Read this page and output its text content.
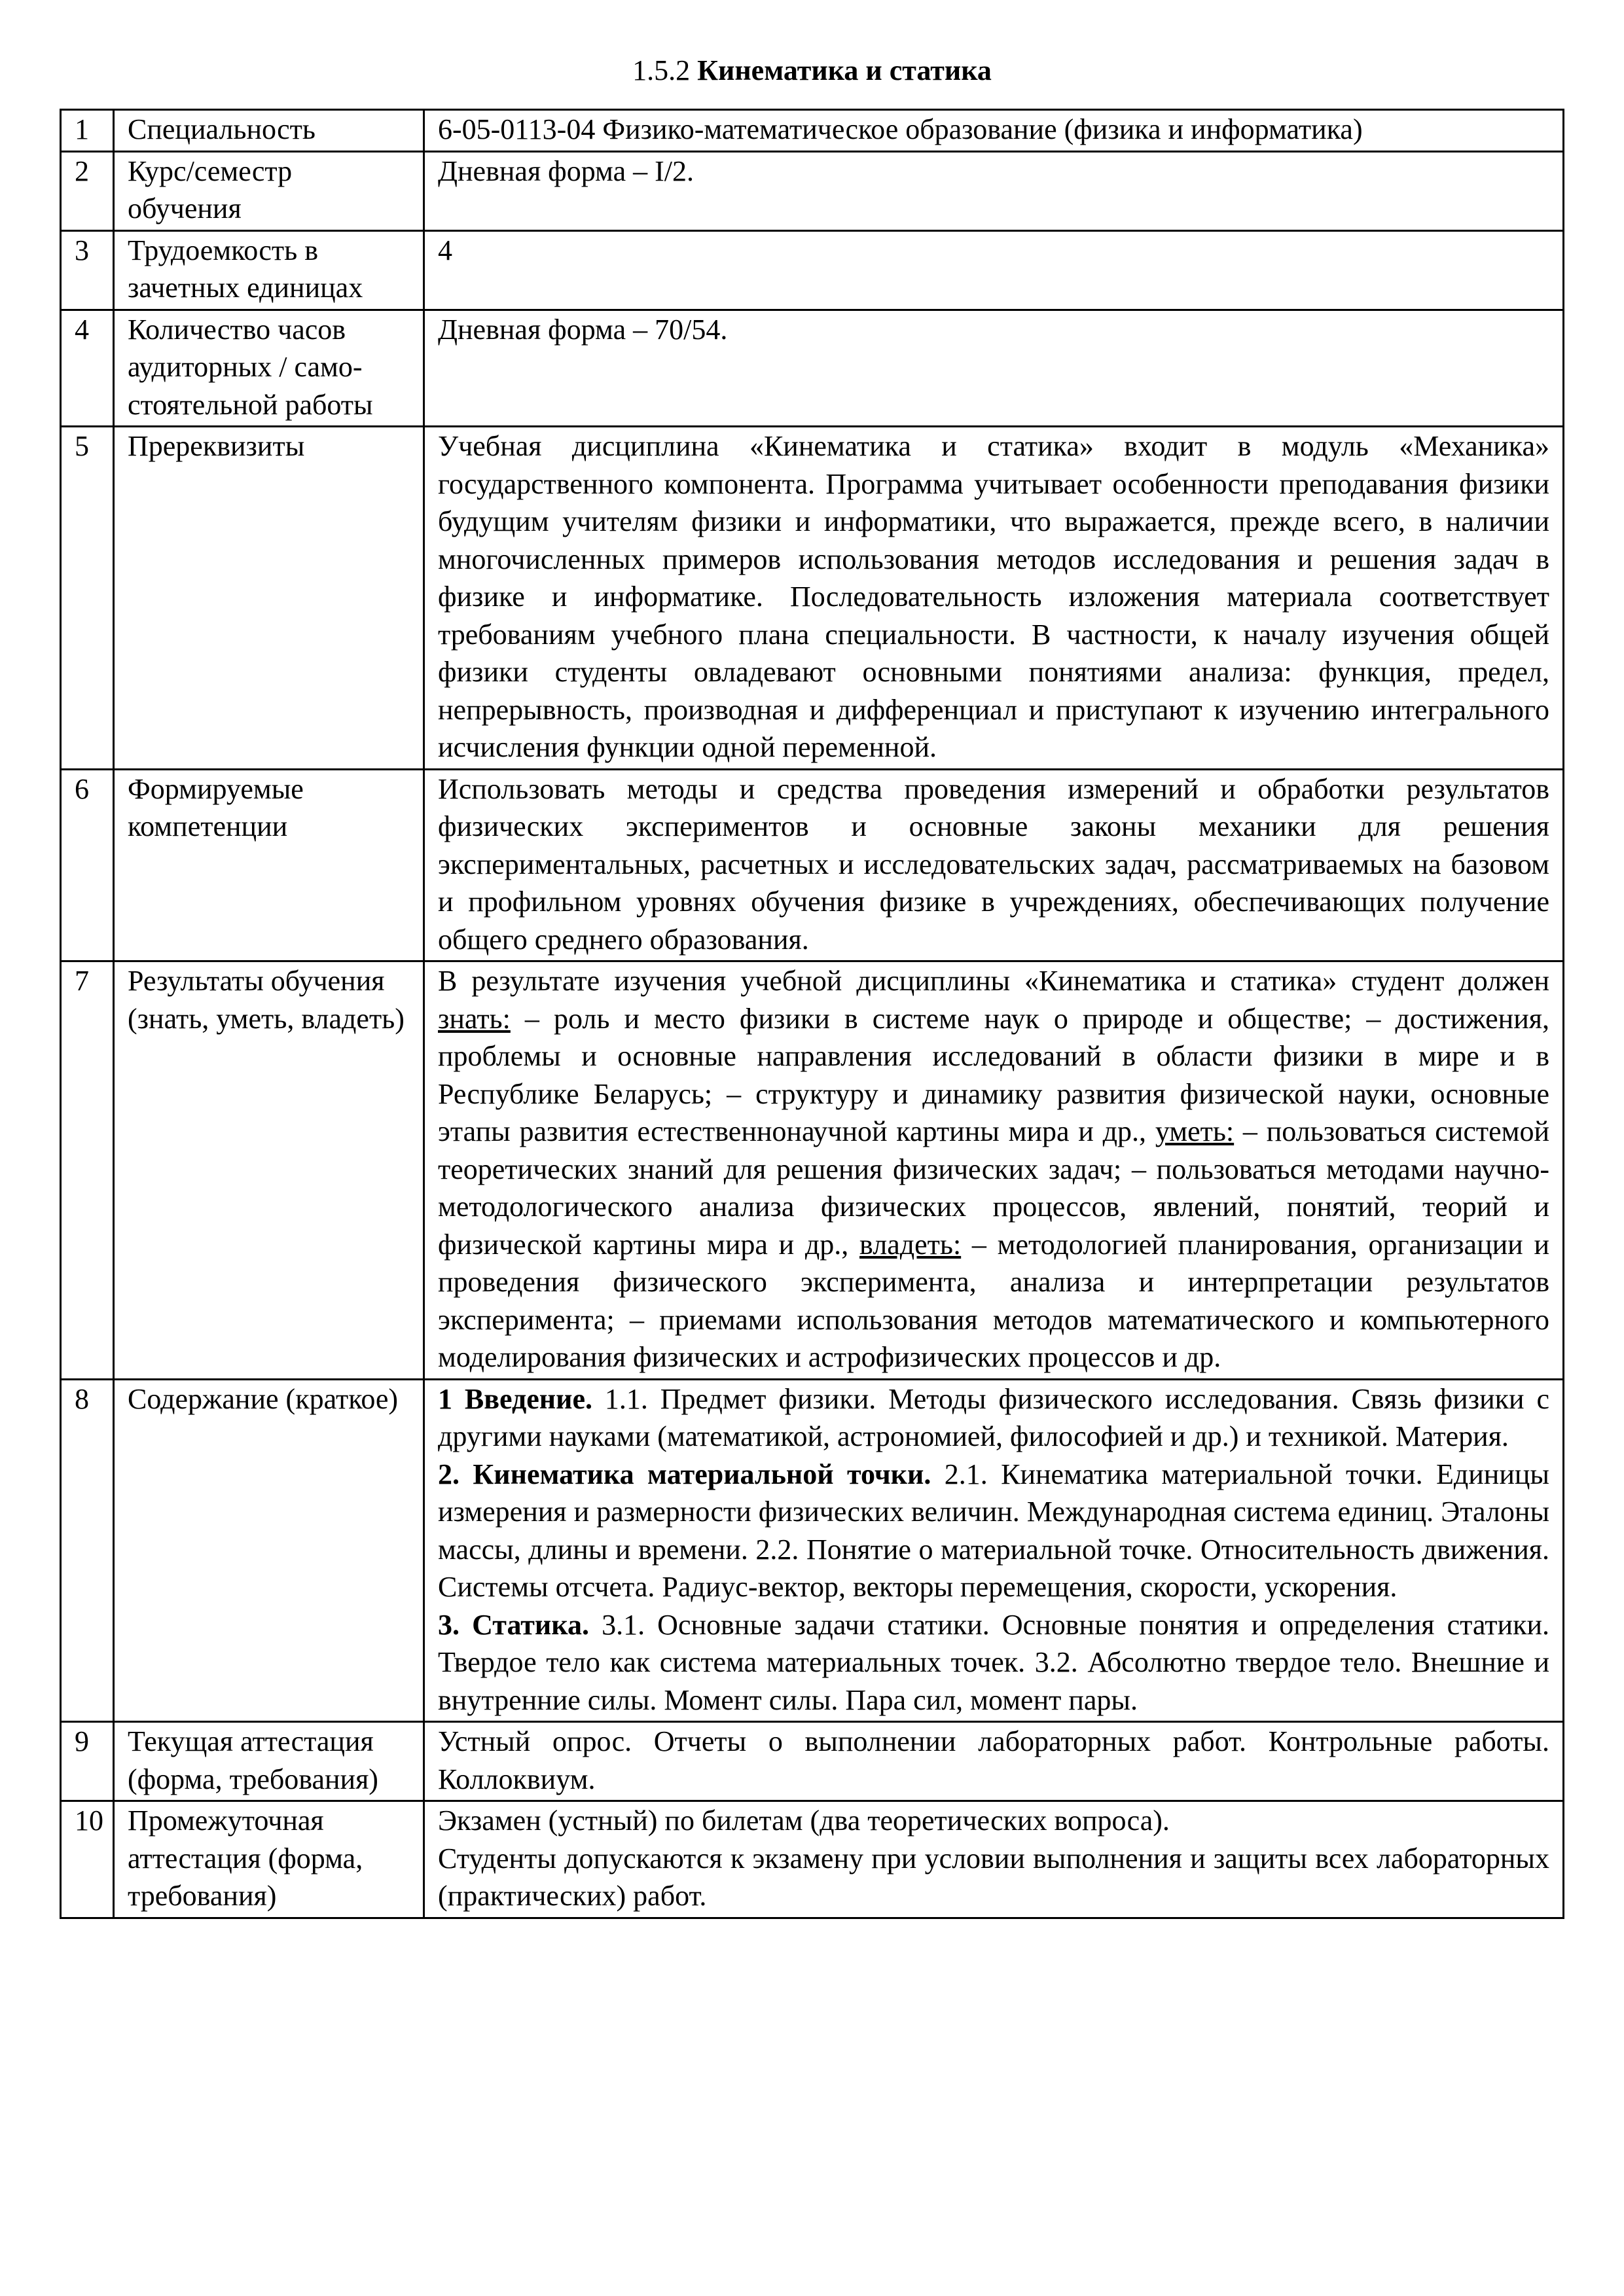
1.5.2 Кинематика и статика
1	Специальность	6-05-0113-04 Физико-математическое образование (физика и информатика)
2	Курс/семестр обучения	Дневная форма – I/2.
3	Трудоемкость в зачетных единицах	4
4	Количество часов аудиторных / само-стоятельной работы	Дневная форма – 70/54.
5	Пререквизиты	Учебная дисциплина «Кинематика и статика» входит в модуль «Механика» государственного компонента. Программа учитывает особенности преподавания физики будущим учителям физики и информатики, что выражается, прежде всего, в наличии многочисленных примеров использования методов исследования и решения задач в физике и информатике. Последовательность изложения материала соответствует требованиям учебного плана специальности. В частности, к началу изучения общей физики студенты овладевают основными понятиями анализа: функция, предел, непрерывность, производная и дифференциал и приступают к изучению интегрального исчисления функции одной переменной.
6	Формируемые компетенции	Использовать методы и средства проведения измерений и обработки результатов физических экспериментов и основные законы механики для решения экспериментальных, расчетных и исследовательских задач, рассматриваемых на базовом и профильном уровнях обучения физике в учреждениях, обеспечивающих получение общего среднего образования.
7	Результаты обучения (знать, уметь, владеть)	В результате изучения учебной дисциплины «Кинематика и статика» студент должен знать: – роль и место физики в системе наук о природе и обществе; – достижения, проблемы и основные направления исследований в области физики в мире и в Республике Беларусь; – структуру и динамику развития физической науки, основные этапы развития естественнонаучной картины мира и др., уметь: – пользоваться системой теоретических знаний для решения физических задач; – пользоваться методами научно-методологического анализа физических процессов, явлений, понятий, теорий и физической картины мира и др., владеть: – методологией планирования, организации и проведения физического эксперимента, анализа и интерпретации результатов эксперимента; – приемами использования методов математического и компьютерного моделирования физических и астрофизических процессов и др.
8	Содержание (краткое)	1 Введение. 1.1. Предмет физики. Методы физического исследования. Связь физики с другими науками (математикой, астрономией, философией и др.) и техникой. Материя.
2. Кинематика материальной точки. 2.1. Кинематика материальной точки. Единицы измерения и размерности физических величин. Международная система единиц. Эталоны массы, длины и времени. 2.2. Понятие о материальной точке. Относительность движения. Системы отсчета. Радиус-вектор, векторы перемещения, скорости, ускорения.
3. Статика. 3.1. Основные задачи статики. Основные понятия и определения статики. Твердое тело как система материальных точек. 3.2. Абсолютно твердое тело. Внешние и внутренние силы. Момент силы. Пара сил, момент пары.

9	Текущая аттестация (форма, требования)	Устный опрос. Отчеты о выполнении лабораторных работ. Контрольные работы. Коллоквиум.
10	Промежуточная аттестация (форма, требования)	Экзамен (устный) по билетам (два теоретических вопроса).
Студенты допускаются к экзамену при условии выполнения и защиты всех лабораторных (практических) работ.
